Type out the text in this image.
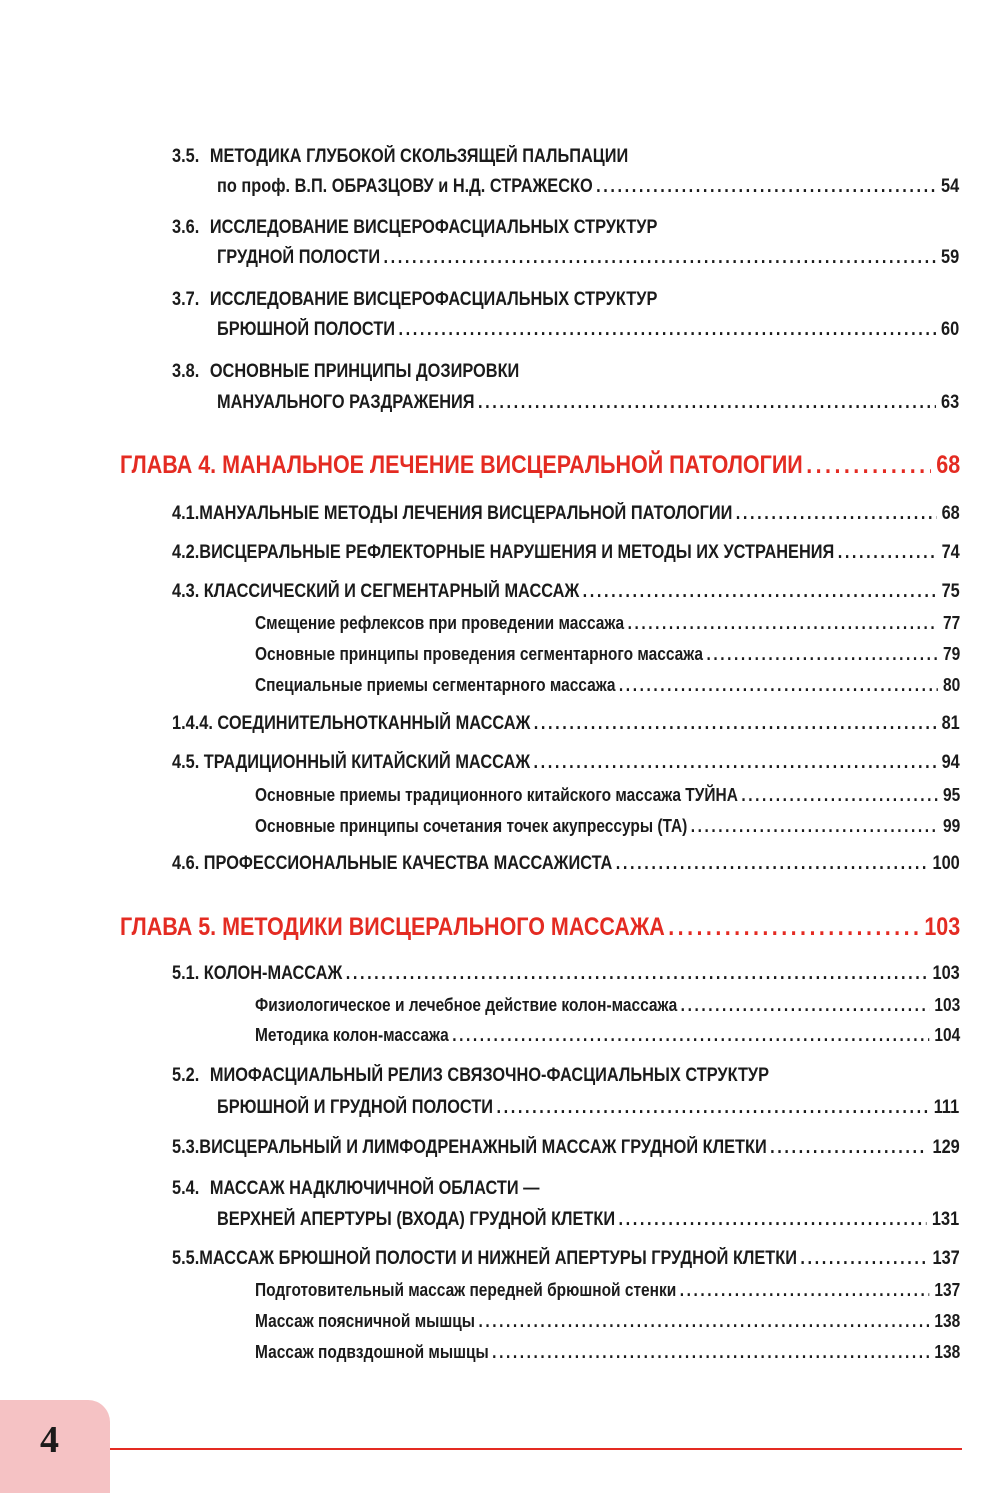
3.5. МЕТОДИКА ГЛУБОКОЙ СКОЛЬЗЯЩЕЙ ПАЛЬПАЦИИ
по проф. В.П. ОБРАЗЦОВУ и Н.Д. СТРАЖЕСКО .....	54
3.6. ИССЛЕДОВАНИЕ ВИСЦЕРОФАСЦИАЛЬНЫХ СТРУКТУР
ГРУДНОЙ ПОЛОСТИ .....	59
3.7. ИССЛЕДОВАНИЕ ВИСЦЕРОФАСЦИАЛЬНЫХ СТРУКТУР
БРЮШНОЙ ПОЛОСТИ .....	60
3.8. ОСНОВНЫЕ ПРИНЦИПЫ ДОЗИРОВКИ
МАНУАЛЬНОГО РАЗДРАЖЕНИЯ .....	63
ГЛАВА 4. МАНАЛЬНОЕ ЛЕЧЕНИЕ ВИСЦЕРАЛЬНОЙ ПАТОЛОГИИ .....	68
4.1. МАНУАЛЬНЫЕ МЕТОДЫ ЛЕЧЕНИЯ ВИСЦЕРАЛЬНОЙ ПАТОЛОГИИ .....	68
4.2. ВИСЦЕРАЛЬНЫЕ РЕФЛЕКТОРНЫЕ НАРУШЕНИЯ И МЕТОДЫ ИХ УСТРАНЕНИЯ .....	74
4.3. КЛАССИЧЕСКИЙ И СЕГМЕНТАРНЫЙ МАССАЖ .....	75
Смещение рефлексов при проведении массажа .....	77
Основные принципы проведения сегментарного массажа .....	79
Специальные приемы сегментарного массажа .....	80
1.4.4. СОЕДИНИТЕЛЬНОТКАННЫЙ МАССАЖ .....	81
4.5. ТРАДИЦИОННЫЙ КИТАЙСКИЙ МАССАЖ .....	94
Основные приемы традиционного китайского массажа ТУЙНА .....	95
Основные принципы сочетания точек акупрессуры (ТА) .....	99
4.6. ПРОФЕССИОНАЛЬНЫЕ КАЧЕСТВА МАССАЖИСТА .....	100
ГЛАВА 5. МЕТОДИКИ ВИСЦЕРАЛЬНОГО МАССАЖА .....	103
5.1. КОЛОН-МАССАЖ .....	103
Физиологическое и лечебное действие колон-массажа .....	103
Методика колон-массажа .....	104
5.2. МИОФАСЦИАЛЬНЫЙ РЕЛИЗ СВЯЗОЧНО-ФАСЦИАЛЬНЫХ СТРУКТУР
БРЮШНОЙ И ГРУДНОЙ ПОЛОСТИ .....	111
5.3. ВИСЦЕРАЛЬНЫЙ И ЛИМФОДРЕНАЖНЫЙ МАССАЖ ГРУДНОЙ КЛЕТКИ .....	129
5.4. МАССАЖ НАДКЛЮЧИЧНОЙ ОБЛАСТИ —
ВЕРХНЕЙ АПЕРТУРЫ (ВХОДА) ГРУДНОЙ КЛЕТКИ .....	131
5.5. МАССАЖ БРЮШНОЙ ПОЛОСТИ И НИЖНЕЙ АПЕРТУРЫ ГРУДНОЙ КЛЕТКИ .....	137
Подготовительный массаж передней брюшной стенки .....	137
Массаж поясничной мышцы .....	138
Массаж подвздошной мышцы .....	138
4
